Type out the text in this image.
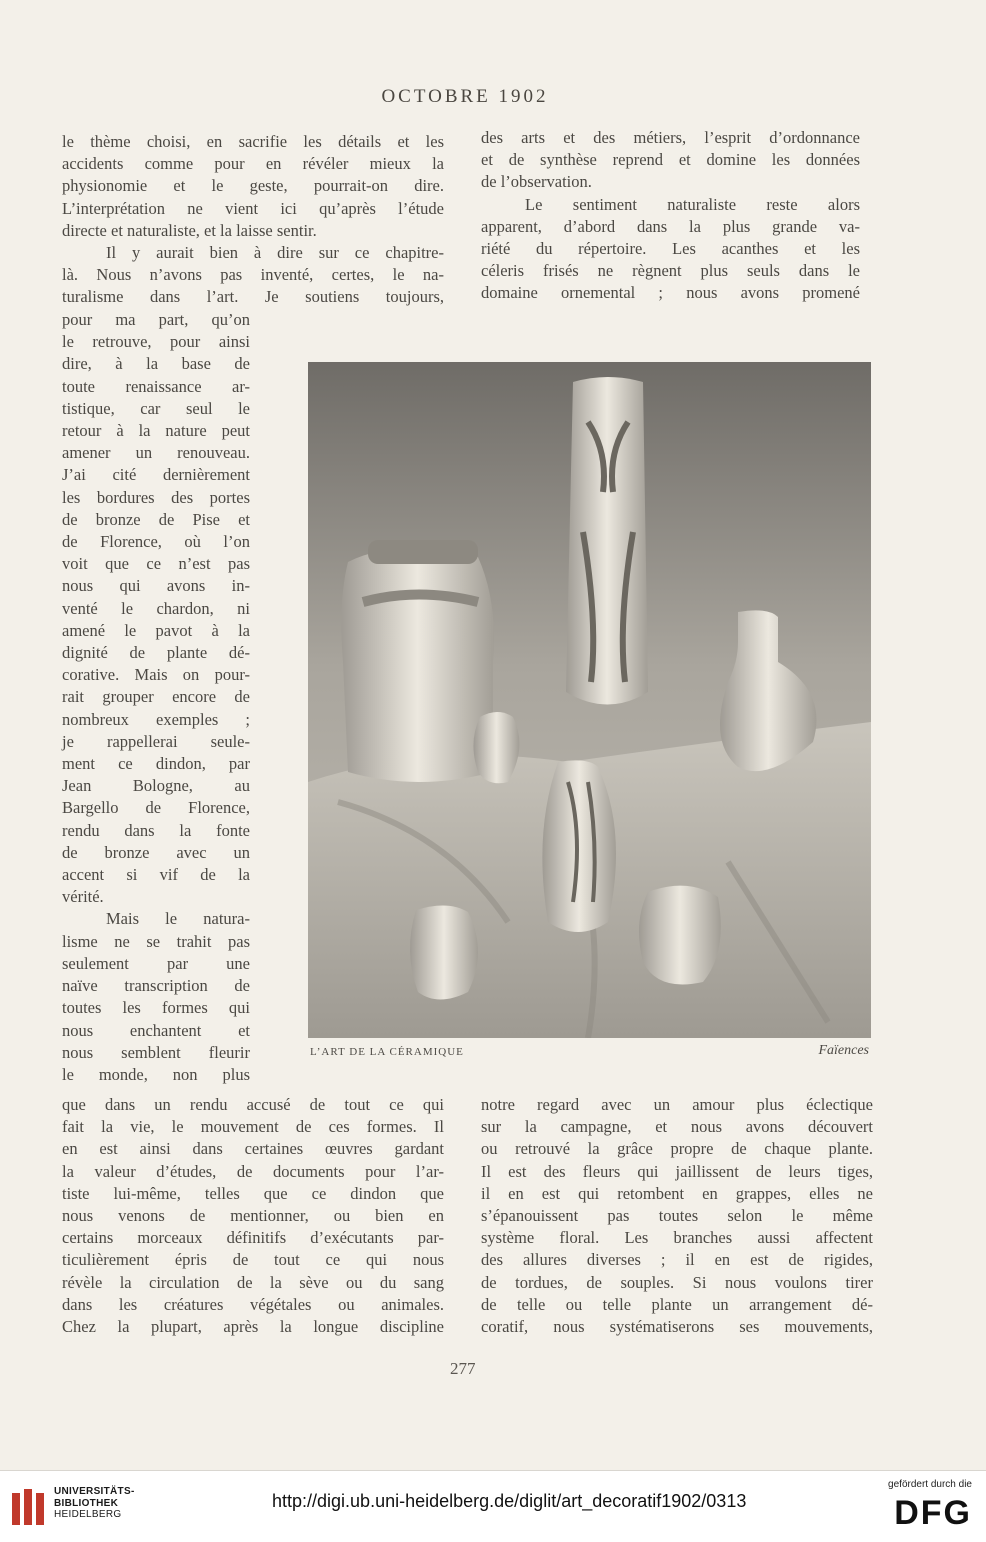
OCTOBRE 1902
le thème choisi, en sacrifie les détails et les
accidents comme pour en révéler mieux la
physionomie et le geste, pourrait-on dire.
L’interprétation ne vient ici qu’après l’étude
directe et naturaliste, et la laisse sentir.
Il y aurait bien à dire sur ce chapitre-
là. Nous n’avons pas inventé, certes, le na-
turalisme dans l’art. Je soutiens toujours,
pour ma part, qu’on
le retrouve, pour ainsi
dire, à la base de
toute renaissance ar-
tistique, car seul le
retour à la nature peut
amener un renouveau.
J’ai cité dernièrement
les bordures des portes
de bronze de Pise et
de Florence, où l’on
voit que ce n’est pas
nous qui avons in-
venté le chardon, ni
amené le pavot à la
dignité de plante dé-
corative. Mais on pour-
rait grouper encore de
nombreux exemples ;
je rappellerai seule-
ment ce dindon, par
Jean Bologne, au
Bargello de Florence,
rendu dans la fonte
de bronze avec un
accent si vif de la
vérité.
Mais le natura-
lisme ne se trahit pas
seulement par une
naïve transcription de
toutes les formes qui
nous enchantent et
nous semblent fleurir
le monde, non plus
que dans un rendu accusé de tout ce qui
fait la vie, le mouvement de ces formes. Il
en est ainsi dans certaines œuvres gardant
la valeur d’études, de documents pour l’ar-
tiste lui-même, telles que ce dindon que
nous venons de mentionner, ou bien en
certains morceaux définitifs d’exécutants par-
ticulièrement épris de tout ce qui nous
révèle la circulation de la sève ou du sang
dans les créatures végétales ou animales.
Chez la plupart, après la longue discipline
des arts et des métiers, l’esprit d’ordonnance
et de synthèse reprend et domine les données
de l’observation.
Le sentiment naturaliste reste alors
apparent, d’abord dans la plus grande va-
riété du répertoire. Les acanthes et les
céleris frisés ne règnent plus seuls dans le
domaine ornemental ; nous avons promené
notre regard avec un amour plus éclectique
sur la campagne, et nous avons découvert
ou retrouvé la grâce propre de chaque plante.
Il est des fleurs qui jaillissent de leurs tiges,
il en est qui retombent en grappes, elles ne
s’épanouissent pas toutes selon le même
système floral. Les branches aussi affectent
des allures diverses ; il en est de rigides,
de tordues, de souples. Si nous voulons tirer
de telle ou telle plante un arrangement dé-
coratif, nous systématiserons ses mouvements,
L’ART DE LA CÉRAMIQUE	Faïences
277
UNIVERSITÄTS-
BIBLIOTHEK
HEIDELBERG
http://digi.ub.uni-heidelberg.de/diglit/art_decoratif1902/0313
gefördert durch die
DFG
